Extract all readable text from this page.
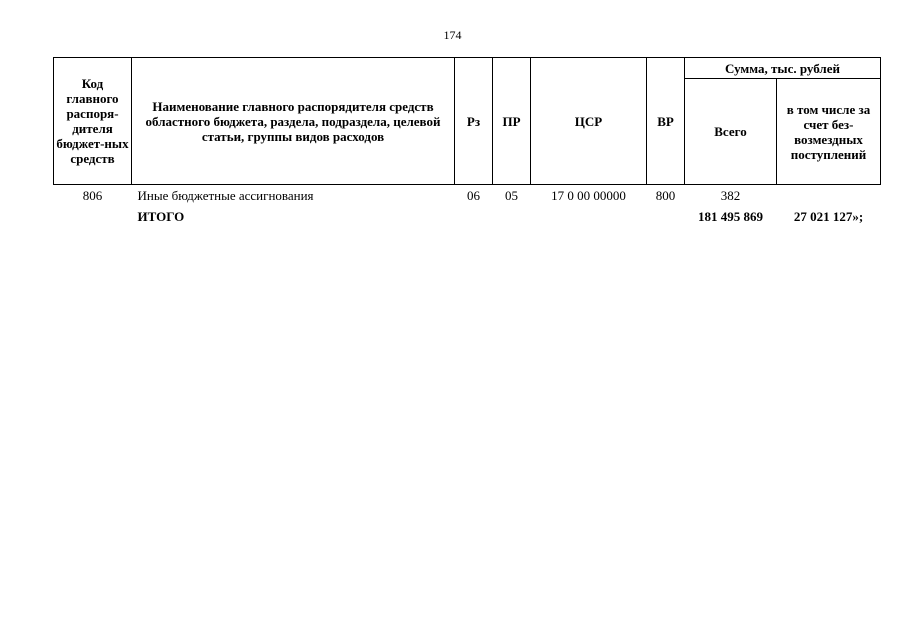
174
Код главного распоря-дителя бюджет-ных средств	Наименование главного распорядителя средств областного бюджета, раздела, подраздела, целевой статьи, группы видов расходов	Рз	ПР	ЦСР	ВР	Сумма, тыс. рублей	
						Всего	в том числе за счет без-возмездных поступлений
806	Иные бюджетные ассигнования	06	05	17 0 00 00000	800	382	
	ИТОГО					181 495 869	27 021 127»;
